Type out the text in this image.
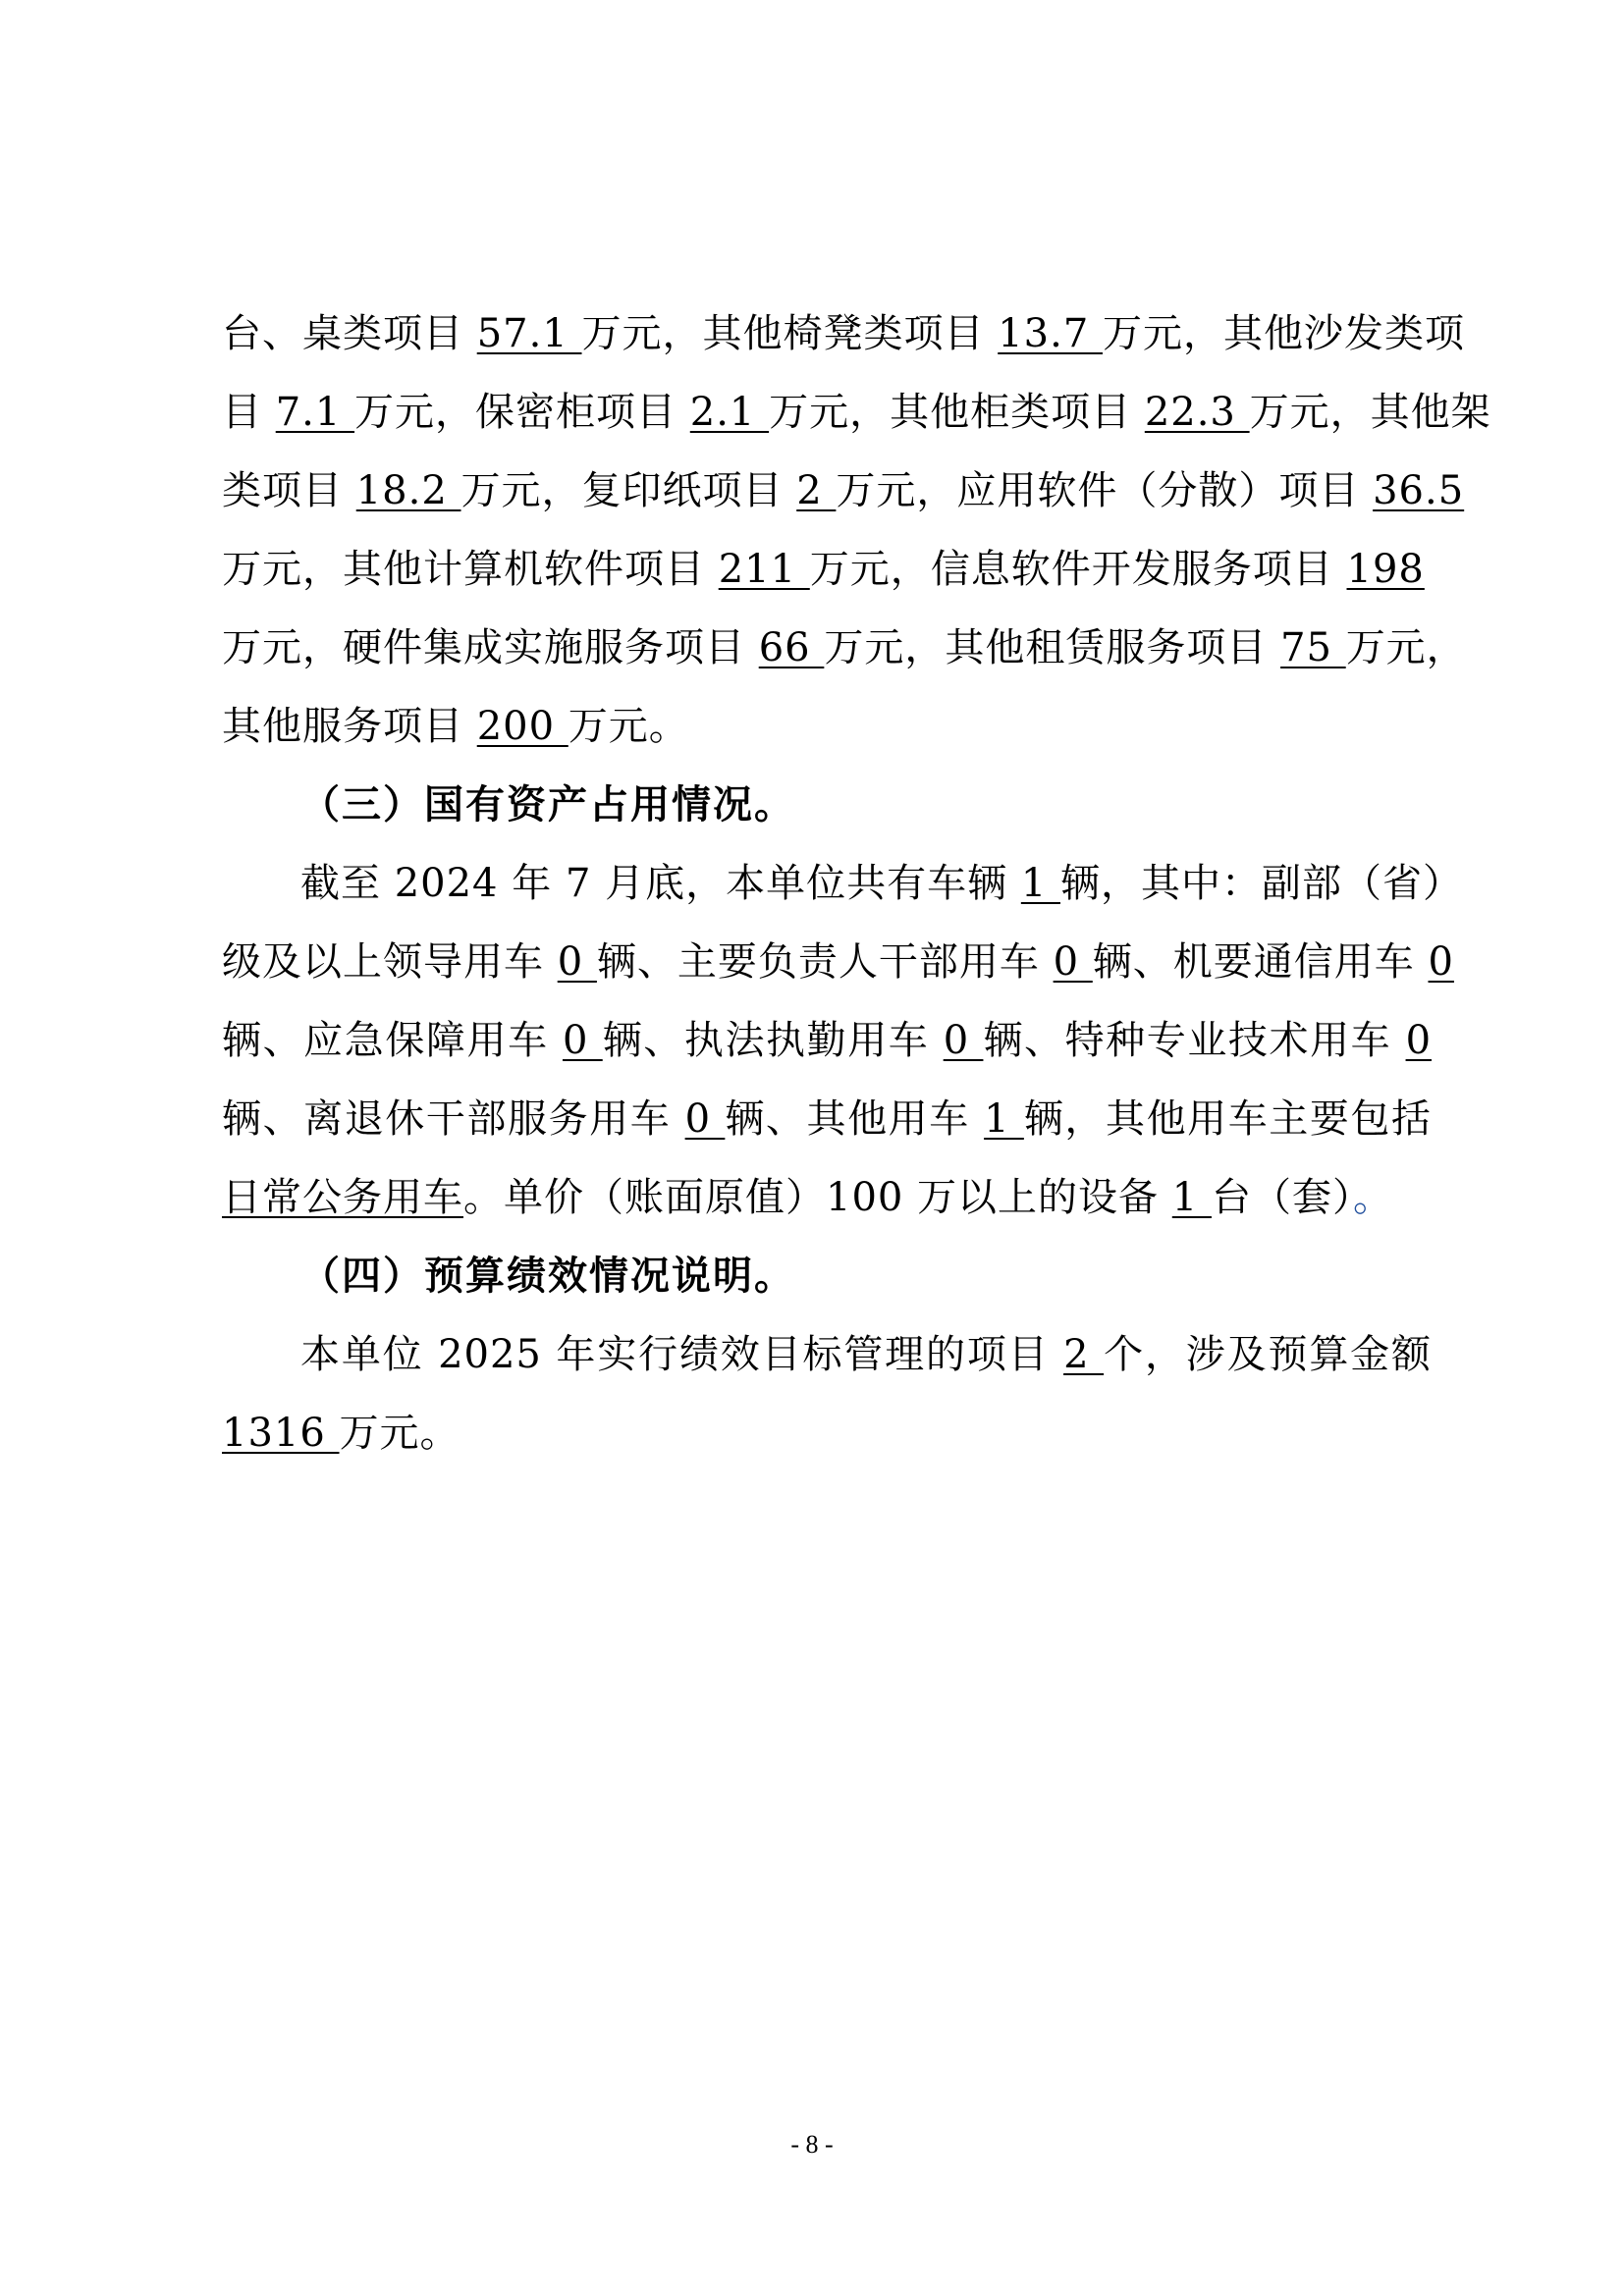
台、桌类项目 57.1 万元，其他椅凳类项目 13.7 万元，其他沙发类项
目 7.1 万元，保密柜项目 2.1 万元，其他柜类项目 22.3 万元，其他架
类项目 18.2 万元，复印纸项目 2 万元，应用软件（分散）项目 36.5
万元，其他计算机软件项目 211 万元，信息软件开发服务项目 198
万元，硬件集成实施服务项目 66 万元，其他租赁服务项目 75 万元，
其他服务项目 200 万元。
（三）国有资产占用情况。
截至 2024 年 7 月底，本单位共有车辆 1 辆，其中：副部（省）
级及以上领导用车 0 辆、主要负责人干部用车 0 辆、机要通信用车 0
辆、应急保障用车 0 辆、执法执勤用车 0 辆、特种专业技术用车 0
辆、离退休干部服务用车 0 辆、其他用车 1 辆，其他用车主要包括
日常公务用车。单价（账面原值）100 万以上的设备 1 台（套）。
（四）预算绩效情况说明。
本单位 2025 年实行绩效目标管理的项目 2 个，涉及预算金额
1316 万元。
- 8 -
